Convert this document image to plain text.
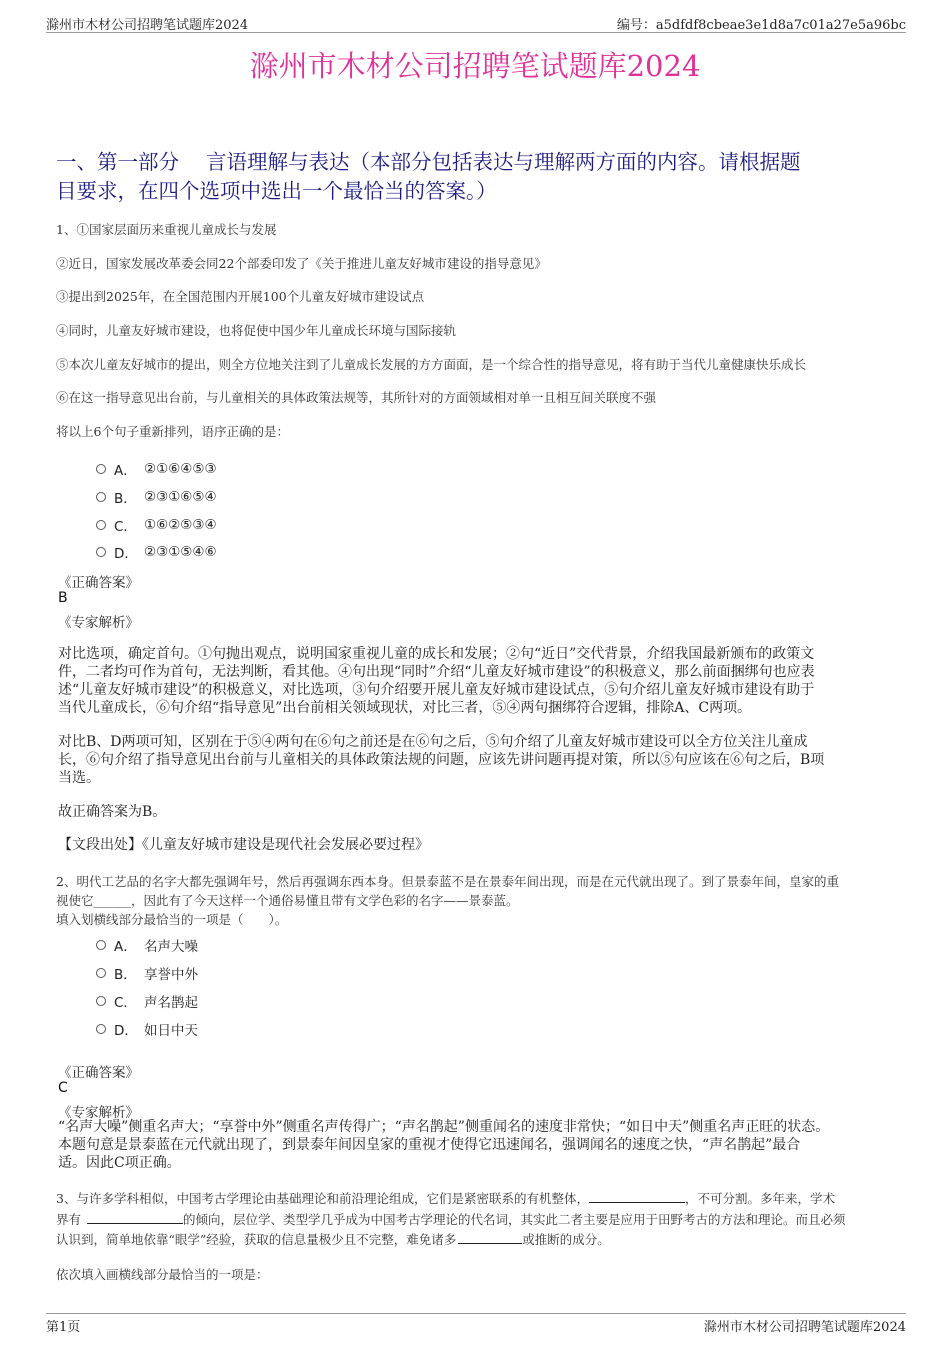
滁州市木材公司招聘笔试题库2024	编号：a5dfdf8cbeae3e1d8a7c01a27e5a96bc
滁州市木材公司招聘笔试题库2024
一、第一部分　 言语理解与表达（本部分包括表达与理解两方面的内容。请根据题
目要求，在四个选项中选出一个最恰当的答案。）
1、①国家层面历来重视儿童成长与发展
②近日，国家发展改革委会同22个部委印发了《关于推进儿童友好城市建设的指导意见》
③提出到2025年，在全国范围内开展100个儿童友好城市建设试点
④同时，儿童友好城市建设，也将促使中国少年儿童成长环境与国际接轨
⑤本次儿童友好城市的提出，则全方位地关注到了儿童成长发展的方方面面，是一个综合性的指导意见，将有助于当代儿童健康快乐成长
⑥在这一指导意见出台前，与儿童相关的具体政策法规等，其所针对的方面领域相对单一且相互间关联度不强
将以上6个句子重新排列，语序正确的是：
A． ②①⑥④⑤③
B． ②③①⑥⑤④
C． ①⑥②⑤③④
D． ②③①⑤④⑥
《正确答案》
B
《专家解析》
对比选项，确定首句。①句抛出观点，说明国家重视儿童的成长和发展；②句“近日”交代背景，介绍我国最新颁布的政策文
件，二者均可作为首句，无法判断，看其他。④句出现“同时”介绍“儿童友好城市建设”的积极意义，那么前面捆绑句也应表
述“儿童友好城市建设”的积极意义，对比选项，③句介绍要开展儿童友好城市建设试点，⑤句介绍儿童友好城市建设有助于
当代儿童成长，⑥句介绍“指导意见”出台前相关领域现状，对比三者，⑤④两句捆绑符合逻辑，排除A、C两项。
对比B、D两项可知，区别在于⑤④两句在⑥句之前还是在⑥句之后，⑤句介绍了儿童友好城市建设可以全方位关注儿童成
长，⑥句介绍了指导意见出台前与儿童相关的具体政策法规的问题，应该先讲问题再提对策，所以⑤句应该在⑥句之后，B项
当选。
故正确答案为B。
【文段出处】《儿童友好城市建设是现代社会发展必要过程》
2、明代工艺品的名字大都先强调年号，然后再强调东西本身。但景泰蓝不是在景泰年间出现，而是在元代就出现了。到了景泰年间，皇家的重
视使它______，因此有了今天这样一个通俗易懂且带有文学色彩的名字——景泰蓝。
填入划横线部分最恰当的一项是（　　）。
A． 名声大噪
B． 享誉中外
C． 声名鹊起
D． 如日中天
《正确答案》
C
《专家解析》
“名声大噪”侧重名声大；“享誉中外”侧重名声传得广；“声名鹊起”侧重闻名的速度非常快；“如日中天”侧重名声正旺的状态。
本题句意是景泰蓝在元代就出现了，到景泰年间因皇家的重视才使得它迅速闻名，强调闻名的速度之快，“声名鹊起”最合
适。因此C项正确。
3、与许多学科相似，中国考古学理论由基础理论和前沿理论组成，它们是紧密联系的有机整体，	，不可分割。多年来，学术
界有	的倾向，层位学、类型学几乎成为中国考古学理论的代名词，其实此二者主要是应用于田野考古的方法和理论。而且必须
认识到，简单地依靠“眼学”经验，获取的信息量极少且不完整，难免诸多	或推断的成分。
依次填入画横线部分最恰当的一项是：
第1页	滁州市木材公司招聘笔试题库2024
